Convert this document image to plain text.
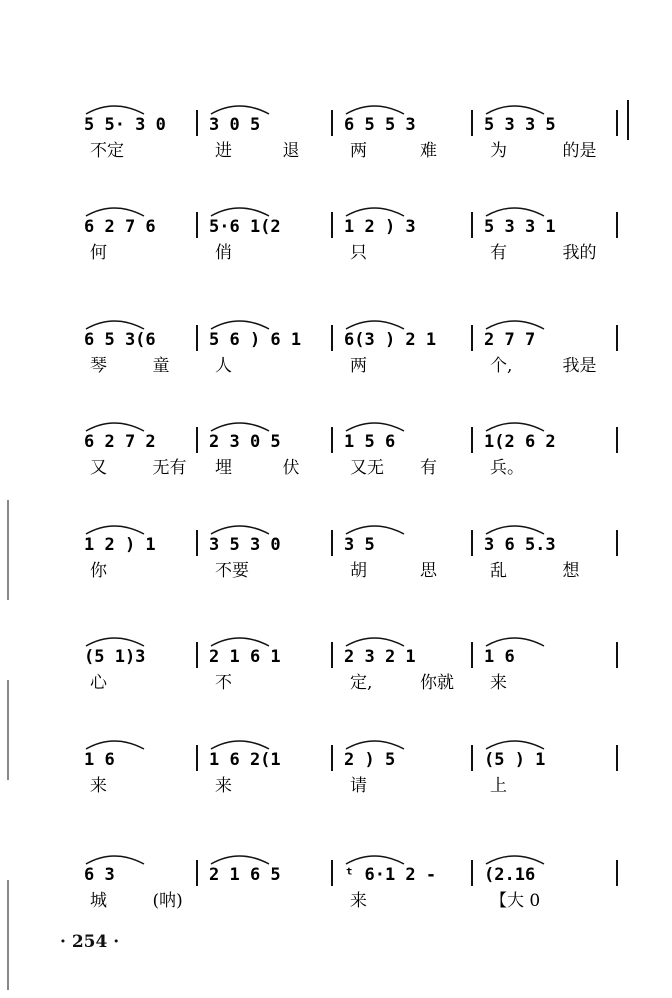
5 5· 3 0	3 0 5	6 5 5 3	5 3 3 5
不定	进	退	两	难	为	的是
6 2 7 6	5·6 1(2	1 2 ) 3	5 3 3 1
何	俏	只	有	我的
6 5 3(6	5 6 ) 6 1	6(3 ) 2 1	2 7 7
琴	童	人	两	个,	我是
6 2 7 2	2 3 0 5	1 5 6	1(2 6 2
又	无有 埋	伏	又无 有	兵。
1 2 ) 1	3 5 3 0	3 5	3 6 5.3
你	不要	胡	思	乱	想
(5 1)3	2 1 6 1	2 3 2 1	1 6
心	不	定,	你就 来
1 6	1 6 2(1	2 ) 5	(5 ) 1
来	来	请	上
6 3	2 1 6 5	ᵗ 6·1 2 -	(2.16
城	(呐)	来	【大 0
· 254 ·
